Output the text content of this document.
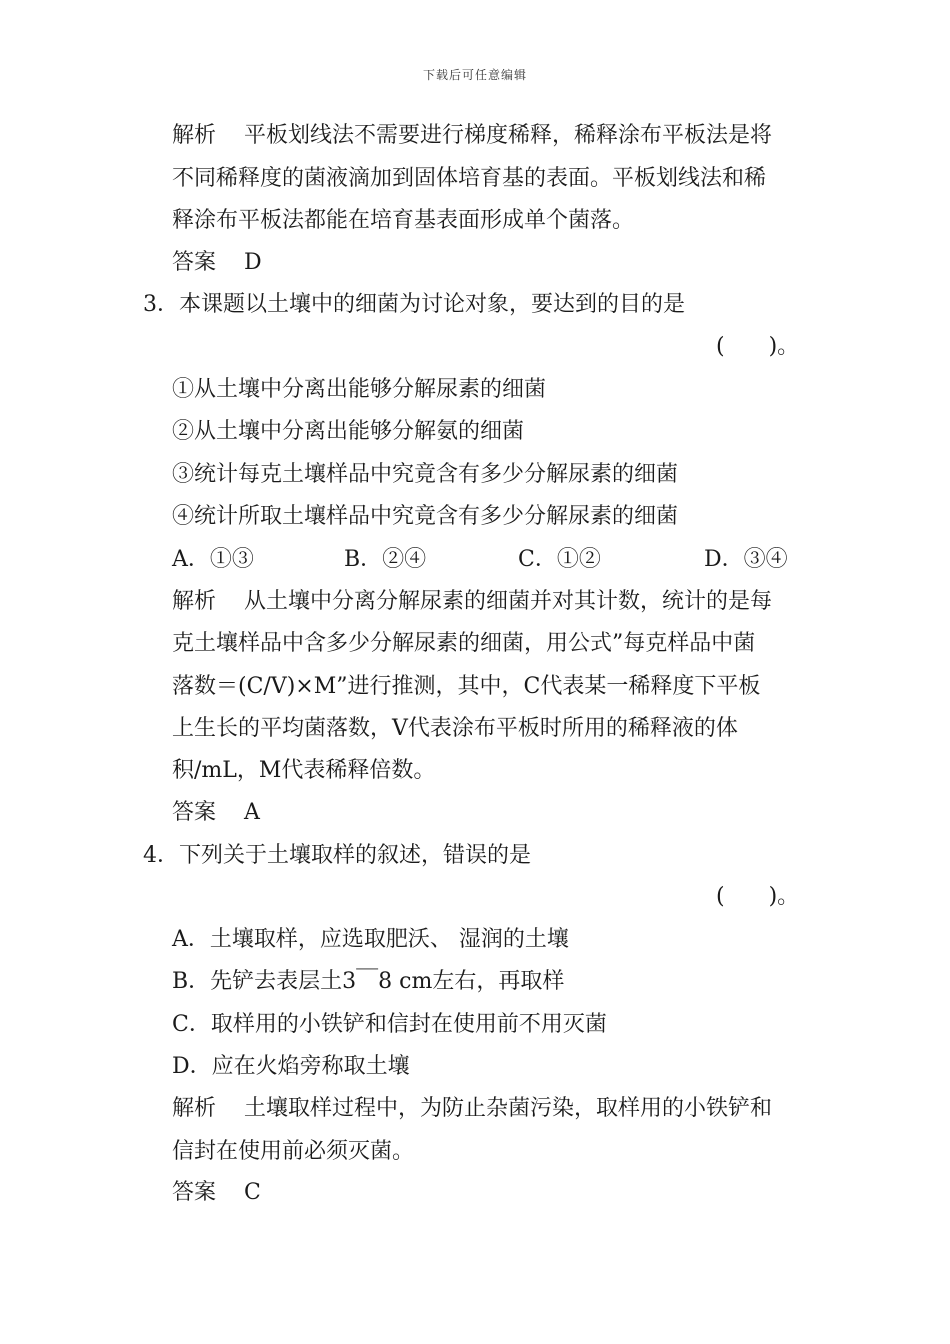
下载后可任意编辑
解析 平板划线法不需要进行梯度稀释，稀释涂布平板法是将
不同稀释度的菌液滴加到固体培育基的表面。平板划线法和稀
释涂布平板法都能在培育基表面形成单个菌落。
答案 D
3．本课题以土壤中的细菌为讨论对象，要达到的目的是
(　　)。
①从土壤中分离出能够分解尿素的细菌
②从土壤中分离出能够分解氨的细菌
③统计每克土壤样品中究竟含有多少分解尿素的细菌
④统计所取土壤样品中究竟含有多少分解尿素的细菌
A．①③	B．②④	C．①②	D．③④
解析 从土壤中分离分解尿素的细菌并对其计数，统计的是每
克土壤样品中含多少分解尿素的细菌，用公式”每克样品中菌
落数＝(C/V)×M”进行推测，其中，C代表某一稀释度下平板
上生长的平均菌落数，V代表涂布平板时所用的稀释液的体
积/mL，M代表稀释倍数。
答案 A
4．下列关于土壤取样的叙述，错误的是
(　　)。
A．土壤取样，应选取肥沃、 湿润的土壤
B．先铲去表层土3￣8 cm左右，再取样
C．取样用的小铁铲和信封在使用前不用灭菌
D．应在火焰旁称取土壤
解析 土壤取样过程中，为防止杂菌污染，取样用的小铁铲和
信封在使用前必须灭菌。
答案 C
